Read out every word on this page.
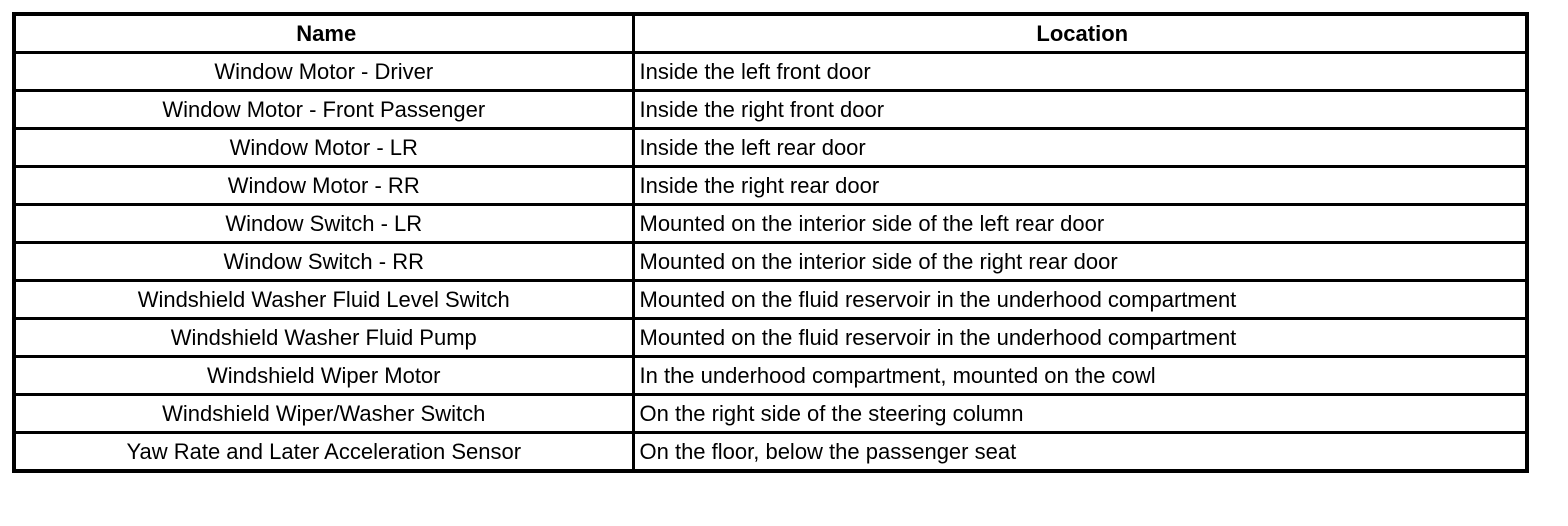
Name	Location
Window Motor - Driver	Inside the left front door
Window Motor - Front Passenger	Inside the right front door
Window Motor - LR	Inside the left rear door
Window Motor - RR	Inside the right rear door
Window Switch - LR	Mounted on the interior side of the left rear door
Window Switch - RR	Mounted on the interior side of the right rear door
Windshield Washer Fluid Level Switch	Mounted on the fluid reservoir in the underhood compartment
Windshield Washer Fluid Pump	Mounted on the fluid reservoir in the underhood compartment
Windshield Wiper Motor	In the underhood compartment, mounted on the cowl
Windshield Wiper/Washer Switch	On the right side of the steering column
Yaw Rate and Later Acceleration Sensor	On the floor, below the passenger seat
